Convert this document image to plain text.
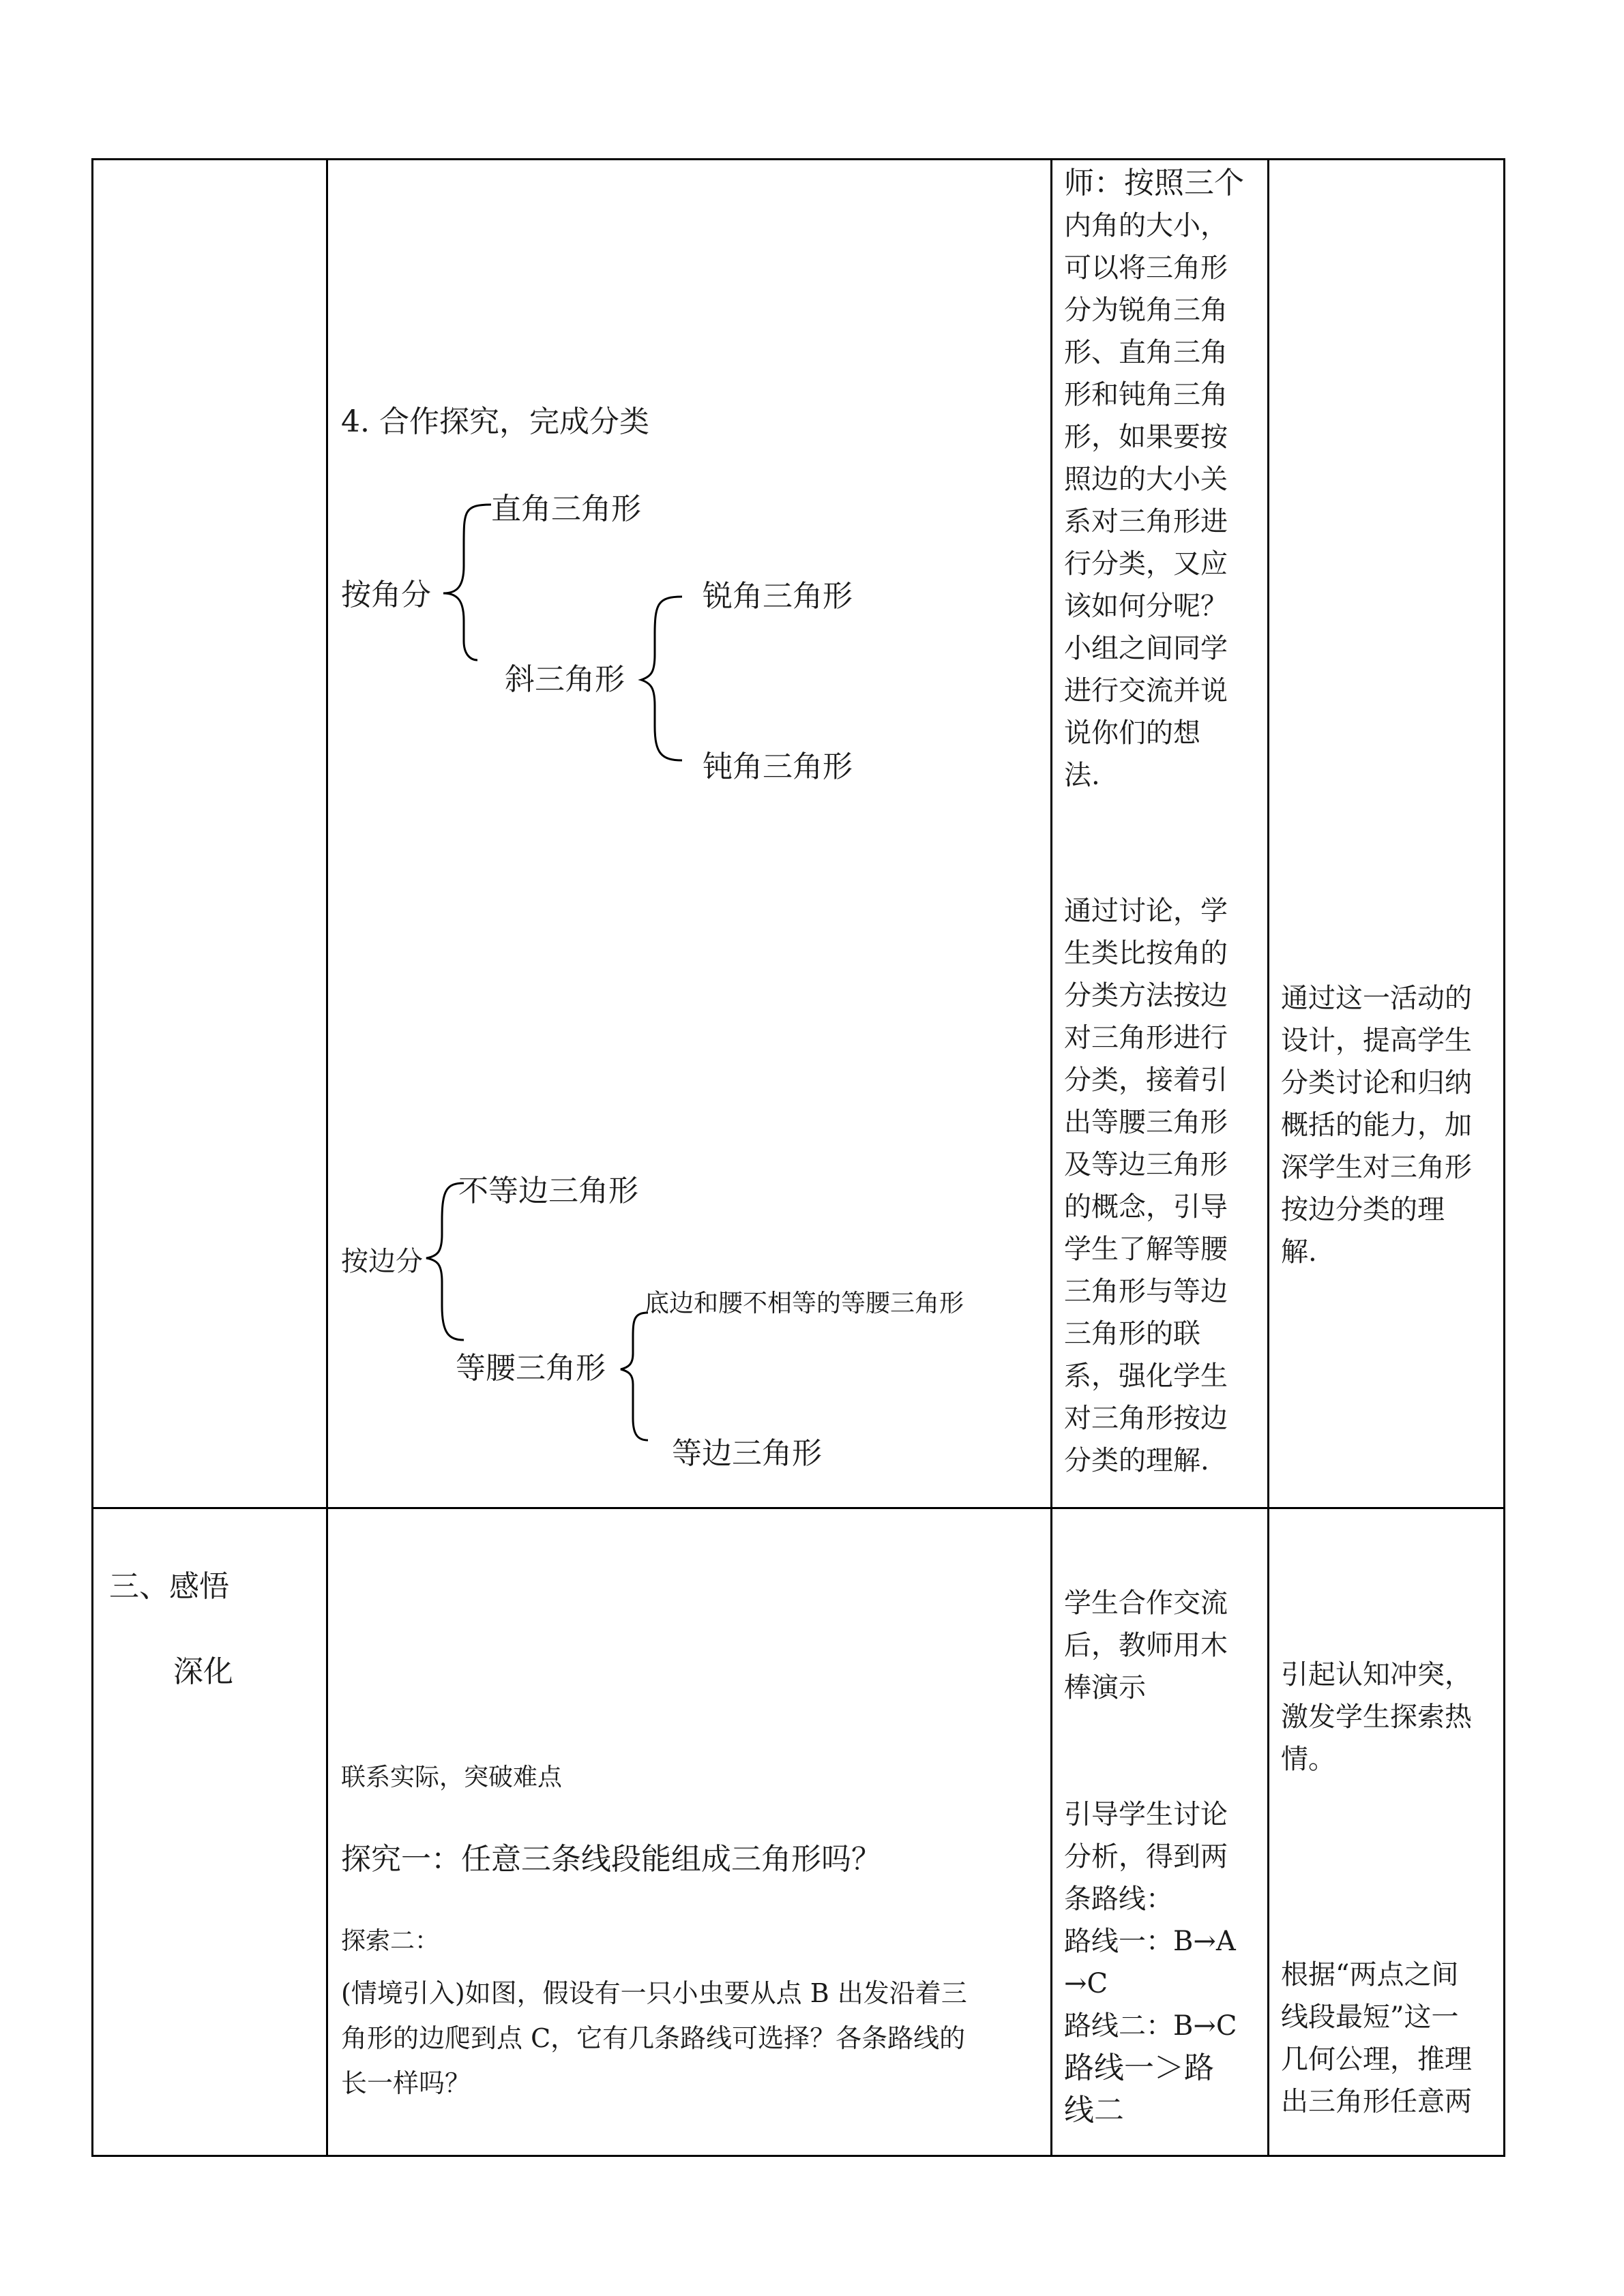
4. 合作探究，完成分类
按角分
直角三角形
斜三角形
锐角三角形
钝角三角形
按边分
不等边三角形
等腰三角形
底边和腰不相等的等腰三角形
等边三角形
师：按照三个
内角的大小，
可以将三角形
分为锐角三角
形、直角三角
形和钝角三角
形，如果要按
照边的大小关
系对三角形进
行分类，又应
该如何分呢？
小组之间同学
进行交流并说
说你们的想
法.
通过讨论，学
生类比按角的
分类方法按边
对三角形进行
分类，接着引
出等腰三角形
及等边三角形
的概念，引导
学生了解等腰
三角形与等边
三角形的联
系，强化学生
对三角形按边
分类的理解.
通过这一活动的
设计，提高学生
分类讨论和归纳
概括的能力，加
深学生对三角形
按边分类的理
解.
三、感悟
深化
联系实际，突破难点
探究一：任意三条线段能组成三角形吗？
探索二：
(情境引入)如图，假设有一只小虫要从点 B 出发沿着三
角形的边爬到点 C，它有几条路线可选择？各条路线的
长一样吗？
学生合作交流
后，教师用木
棒演示
引导学生讨论
分析，得到两
条路线：
路线一：B→A
→C
路线二：B→C
路线一＞路
线二
引起认知冲突，
激发学生探索热
情。
根据“两点之间
线段最短”这一
几何公理，推理
出三角形任意两
